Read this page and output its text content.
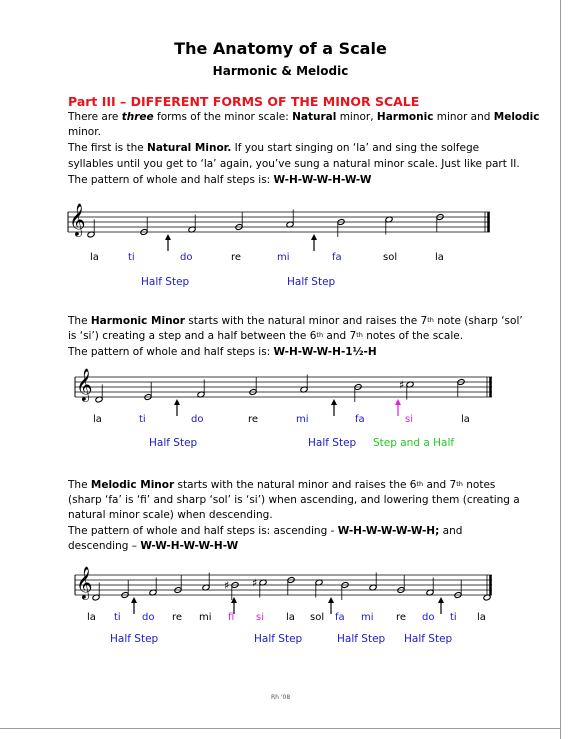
The Anatomy of a Scale
Harmonic & Melodic
Part III – DIFFERENT FORMS OF THE MINOR SCALE
There are three forms of the minor scale: Natural minor, Harmonic minor and Melodic
minor.
The first is the Natural Minor. If you start singing on ‘la’ and sing the solfege
syllables until you get to ‘la’ again, you’ve sung a natural minor scale. Just like part II.
The pattern of whole and half steps is: W-H-W-W-H-W-W
The Harmonic Minor starts with the natural minor and raises the 7th note (sharp ‘sol’
is ‘si’) creating a step and a half between the 6th and 7th notes of the scale.
The pattern of whole and half steps is: W-H-W-W-H-1½-H
The Melodic Minor starts with the natural minor and raises the 6th and 7th notes
(sharp ‘fa’ is ‘fi’ and sharp ‘sol’ is ‘si’) when ascending, and lowering them (creating a
natural minor scale) when descending.
The pattern of whole and half steps is: ascending - W-H-W-W-W-W-H; and
descending – W-W-H-W-W-H-W
𝄞
𝄞	♯
𝄞	♯ ♯
la	ti	do	re	mi	fa	sol	la
la	ti	do	re	mi	fa	si	la
la ti do re mi fi si la sol fa mi re do ti la
Half Step	Half Step
Half Step	Half Step Step and a Half
Half Step	Half Step	Half Step Half Step
Rh '08
